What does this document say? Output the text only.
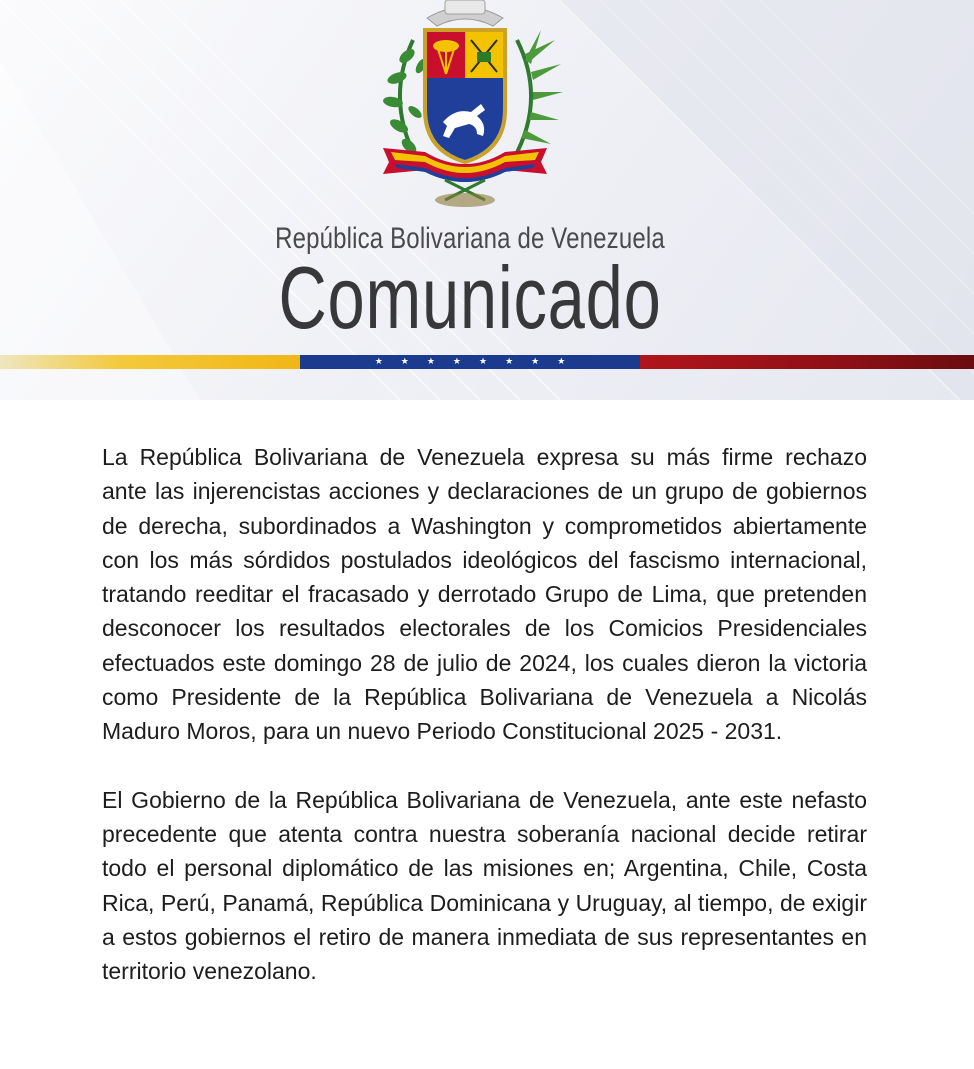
República Bolivariana de Venezuela
Comunicado
★ ★ ★ ★ ★ ★ ★ ★

La República Bolivariana de Venezuela expresa su más firme rechazo ante las injerencistas acciones y declaraciones de un grupo de gobiernos de derecha, subordinados a Washington y comprometidos abiertamente con los más sórdidos postulados ideológicos del fascismo internacional, tratando reeditar el fracasado y derrotado Grupo de Lima, que pretenden desconocer los resultados electorales de los Comicios Presidenciales efectuados este domingo 28 de julio de 2024, los cuales dieron la victoria como Presidente de la República Bolivariana de Venezuela a Nicolás Maduro Moros, para un nuevo Periodo Constitucional 2025 - 2031.

El Gobierno de la República Bolivariana de Venezuela, ante este nefasto precedente que atenta contra nuestra soberanía nacional decide retirar todo el personal diplomático de las misiones en; Argentina, Chile, Costa Rica, Perú, Panamá, República Dominicana y Uruguay, al tiempo, de exigir a estos gobiernos el retiro de manera inmediata de sus representantes en territorio venezolano.
